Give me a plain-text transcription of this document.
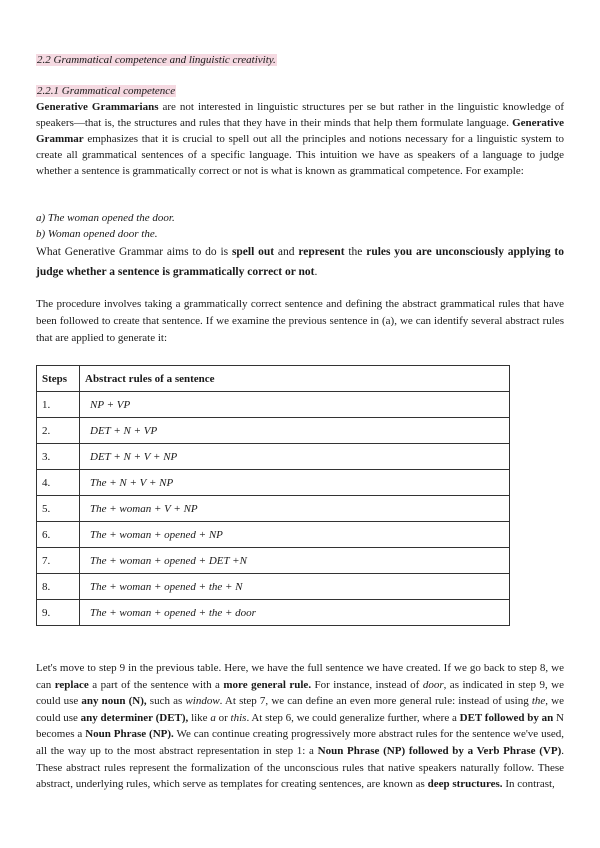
2.2 Grammatical competence and linguistic creativity.
2.2.1 Grammatical competence

Generative Grammarians are not interested in linguistic structures per se but rather in the linguistic knowledge of speakers—that is, the structures and rules that they have in their minds that help them formulate language. Generative Grammar emphasizes that it is crucial to spell out all the principles and notions necessary for a linguistic system to create all grammatical sentences of a specific language. This intuition we have as speakers of a language to judge whether a sentence is grammatically correct or not is what is known as grammatical competence. For example:

a) The woman opened the door.
b) Woman opened door the.

What Generative Grammar aims to do is spell out and represent the rules you are unconsciously applying to judge whether a sentence is grammatically correct or not.

The procedure involves taking a grammatically correct sentence and defining the abstract grammatical rules that have been followed to create that sentence. If we examine the previous sentence in (a), we can identify several abstract rules that are applied to generate it:

Steps	Abstract rules of a sentence
1.	NP + VP
2.	DET + N + VP
3.	DET + N + V + NP
4.	The + N + V + NP
5.	The + woman + V + NP
6.	The + woman + opened + NP
7.	The + woman + opened + DET +N
8.	The + woman + opened + the + N
9.	The + woman + opened + the + door

Let's move to step 9 in the previous table. Here, we have the full sentence we have created. If we go back to step 8, we can replace a part of the sentence with a more general rule. For instance, instead of door, as indicated in step 9, we could use any noun (N), such as window. At step 7, we can define an even more general rule: instead of using the, we could use any determiner (DET), like a or this. At step 6, we could generalize further, where a DET followed by an N becomes a Noun Phrase (NP). We can continue creating progressively more abstract rules for the sentence we've used, all the way up to the most abstract representation in step 1: a Noun Phrase (NP) followed by a Verb Phrase (VP). These abstract rules represent the formalization of the unconscious rules that native speakers naturally follow. These abstract, underlying rules, which serve as templates for creating sentences, are known as deep structures. In contrast,
